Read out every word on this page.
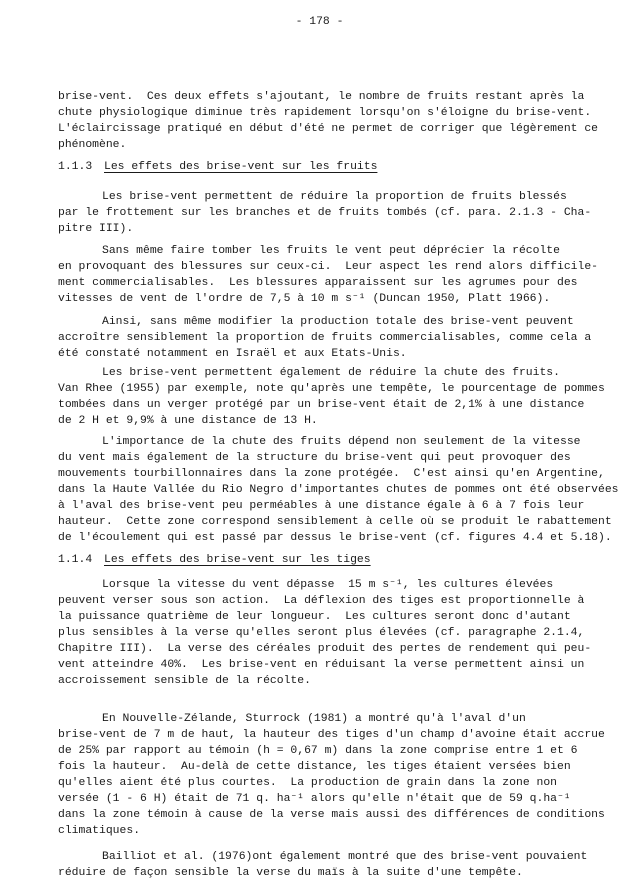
- 178 -
brise-vent.  Ces deux effets s'ajoutant, le nombre de fruits restant après la
chute physiologique diminue très rapidement lorsqu'on s'éloigne du brise-vent.
L'éclaircissage pratiqué en début d'été ne permet de corriger que légèrement ce
phénomène.
1.1.3 Les effets des brise-vent sur les fruits
Les brise-vent permettent de réduire la proportion de fruits blessés
par le frottement sur les branches et de fruits tombés (cf. para. 2.1.3 - Cha-
pitre III).
Sans même faire tomber les fruits le vent peut déprécier la récolte
en provoquant des blessures sur ceux-ci.  Leur aspect les rend alors difficile-
ment commercialisables.  Les blessures apparaissent sur les agrumes pour des
vitesses de vent de l'ordre de 7,5 à 10 m s⁻¹ (Duncan 1950, Platt 1966).
Ainsi, sans même modifier la production totale des brise-vent peuvent
accroître sensiblement la proportion de fruits commercialisables, comme cela a
été constaté notamment en Israël et aux Etats-Unis.
Les brise-vent permettent également de réduire la chute des fruits.
Van Rhee (1955) par exemple, note qu'après une tempête, le pourcentage de pommes
tombées dans un verger protégé par un brise-vent était de 2,1% à une distance
de 2 H et 9,9% à une distance de 13 H.
L'importance de la chute des fruits dépend non seulement de la vitesse
du vent mais également de la structure du brise-vent qui peut provoquer des
mouvements tourbillonnaires dans la zone protégée.  C'est ainsi qu'en Argentine,
dans la Haute Vallée du Rio Negro d'importantes chutes de pommes ont été observées
à l'aval des brise-vent peu perméables à une distance égale à 6 à 7 fois leur
hauteur.  Cette zone correspond sensiblement à celle où se produit le rabattement
de l'écoulement qui est passé par dessus le brise-vent (cf. figures 4.4 et 5.18).
1.1.4 Les effets des brise-vent sur les tiges
Lorsque la vitesse du vent dépasse  15 m s⁻¹, les cultures élevées
peuvent verser sous son action.  La déflexion des tiges est proportionnelle à
la puissance quatrième de leur longueur.  Les cultures seront donc d'autant
plus sensibles à la verse qu'elles seront plus élevées (cf. paragraphe 2.1.4,
Chapitre III).  La verse des céréales produit des pertes de rendement qui peu-
vent atteindre 40%.  Les brise-vent en réduisant la verse permettent ainsi un
accroissement sensible de la récolte.
En Nouvelle-Zélande, Sturrock (1981) a montré qu'à l'aval d'un
brise-vent de 7 m de haut, la hauteur des tiges d'un champ d'avoine était accrue
de 25% par rapport au témoin (h = 0,67 m) dans la zone comprise entre 1 et 6
fois la hauteur.  Au-delà de cette distance, les tiges étaient versées bien
qu'elles aient été plus courtes.  La production de grain dans la zone non
versée (1 - 6 H) était de 71 q. ha⁻¹ alors qu'elle n'était que de 59 q.ha⁻¹
dans la zone témoin à cause de la verse mais aussi des différences de conditions
climatiques.
Bailliot et al. (1976)ont également montré que des brise-vent pouvaient
réduire de façon sensible la verse du maïs à la suite d'une tempête.
